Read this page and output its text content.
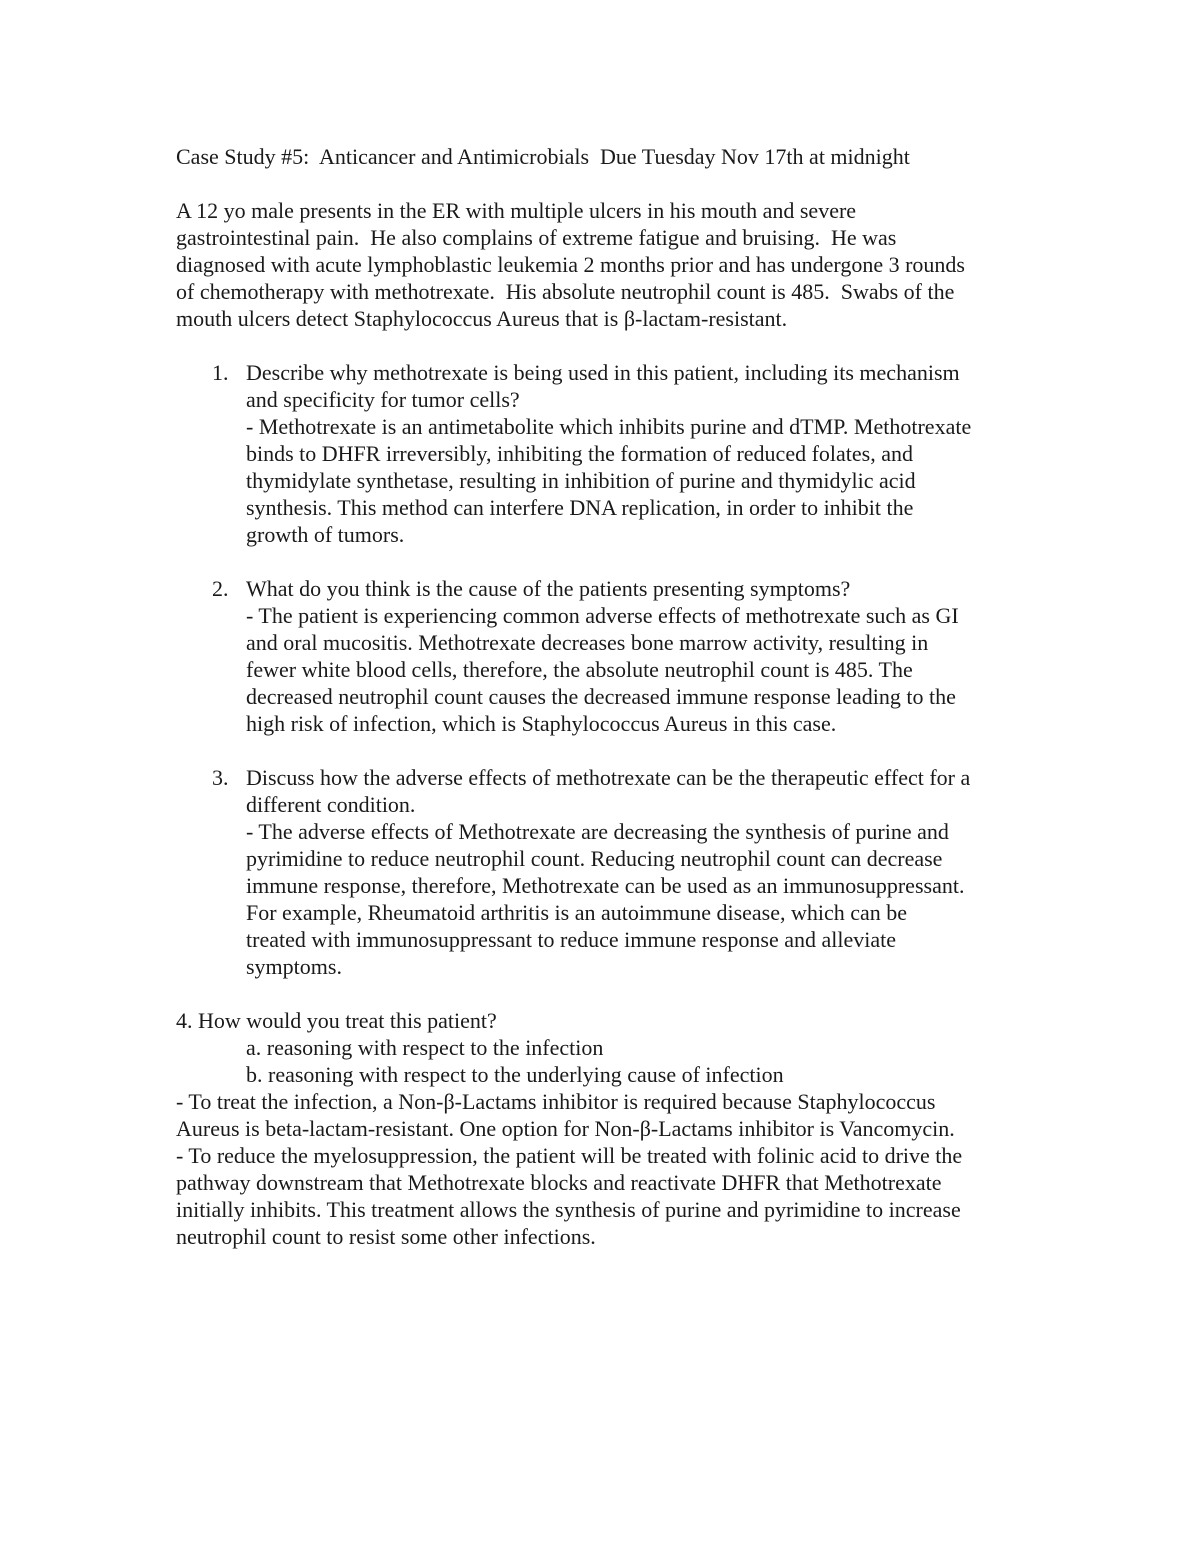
Case Study #5:  Anticancer and Antimicrobials  Due Tuesday Nov 17th at midnight

A 12 yo male presents in the ER with multiple ulcers in his mouth and severe

gastrointestinal pain.  He also complains of extreme fatigue and bruising.  He was

diagnosed with acute lymphoblastic leukemia 2 months prior and has undergone 3 rounds

of chemotherapy with methotrexate.  His absolute neutrophil count is 485.  Swabs of the

mouth ulcers detect Staphylococcus Aureus that is β-lactam-resistant.

1. Describe why methotrexate is being used in this patient, including its mechanism

and specificity for tumor cells?

- Methotrexate is an antimetabolite which inhibits purine and dTMP. Methotrexate

binds to DHFR irreversibly, inhibiting the formation of reduced folates, and

thymidylate synthetase, resulting in inhibition of purine and thymidylic acid

synthesis. This method can interfere DNA replication, in order to inhibit the

growth of tumors.

2. What do you think is the cause of the patients presenting symptoms?

- The patient is experiencing common adverse effects of methotrexate such as GI

and oral mucositis. Methotrexate decreases bone marrow activity, resulting in

fewer white blood cells, therefore, the absolute neutrophil count is 485. The

decreased neutrophil count causes the decreased immune response leading to the

high risk of infection, which is Staphylococcus Aureus in this case.

3. Discuss how the adverse effects of methotrexate can be the therapeutic effect for a

different condition.

- The adverse effects of Methotrexate are decreasing the synthesis of purine and

pyrimidine to reduce neutrophil count. Reducing neutrophil count can decrease

immune response, therefore, Methotrexate can be used as an immunosuppressant.

For example, Rheumatoid arthritis is an autoimmune disease, which can be

treated with immunosuppressant to reduce immune response and alleviate

symptoms.

4. How would you treat this patient?

a. reasoning with respect to the infection

b. reasoning with respect to the underlying cause of infection

- To treat the infection, a Non-β-Lactams inhibitor is required because Staphylococcus

Aureus is beta-lactam-resistant. One option for Non-β-Lactams inhibitor is Vancomycin.

- To reduce the myelosuppression, the patient will be treated with folinic acid to drive the

pathway downstream that Methotrexate blocks and reactivate DHFR that Methotrexate

initially inhibits. This treatment allows the synthesis of purine and pyrimidine to increase

neutrophil count to resist some other infections.
